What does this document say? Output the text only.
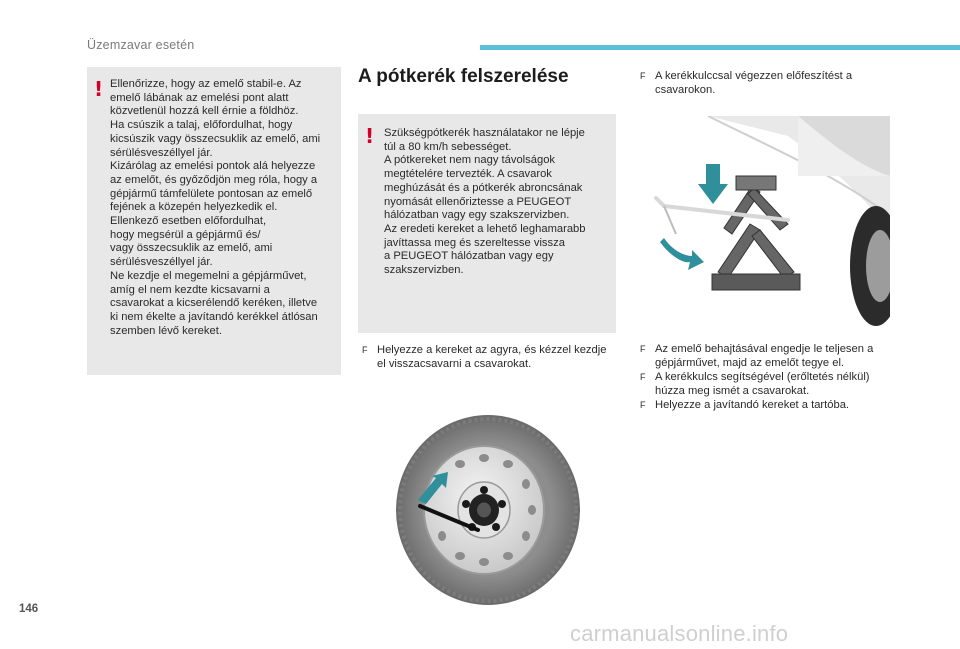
Üzemzavar esetén
! Ellenőrizze, hogy az emelő stabil-e. Az
emelő lábának az emelési pont alatt
közvetlenül hozzá kell érnie a földhöz.
Ha csúszik a talaj, előfordulhat, hogy
kicsúszik vagy összecsuklik az emelő, ami
sérülésveszéllyel jár.
Kizárólag az emelési pontok alá helyezze
az emelőt, és győződjön meg róla, hogy a
gépjármű támfelülete pontosan az emelő
fejének a közepén helyezkedik el.
Ellenkező esetben előfordulhat,
hogy megsérül a gépjármű és/
vagy összecsuklik az emelő, ami
sérülésveszéllyel jár.
Ne kezdje el megemelni a gépjárművet,
amíg el nem kezdte kicsavarni a
csavarokat a kicserélendő keréken, illetve
ki nem ékelte a javítandó kerékkel átlósan
szemben lévő kereket.
A pótkerék felszerelése
! Szükségpótkerék használatakor ne lépje
túl a 80 km/h sebességet.
A pótkereket nem nagy távolságok
megtételére tervezték. A csavarok
meghúzását és a pótkerék abroncsának
nyomását ellenőriztesse a PEUGEOT
hálózatban vagy egy szakszervizben.
Az eredeti kereket a lehető leghamarabb
javíttassa meg és szereltesse vissza
a PEUGEOT hálózatban vagy egy
szakszervizben.
F Helyezze a kereket az agyra, és kézzel kezdje el visszacsavarni a csavarokat.
F A kerékkulccsal végezzen előfeszítést a csavarokon.
F Az emelő behajtásával engedje le teljesen a gépjárművet, majd az emelőt tegye el.
F A kerékkulcs segítségével (erőltetés nélkül) húzza meg ismét a csavarokat.
F Helyezze a javítandó kereket a tartóba.
146
carmanualsonline.info
